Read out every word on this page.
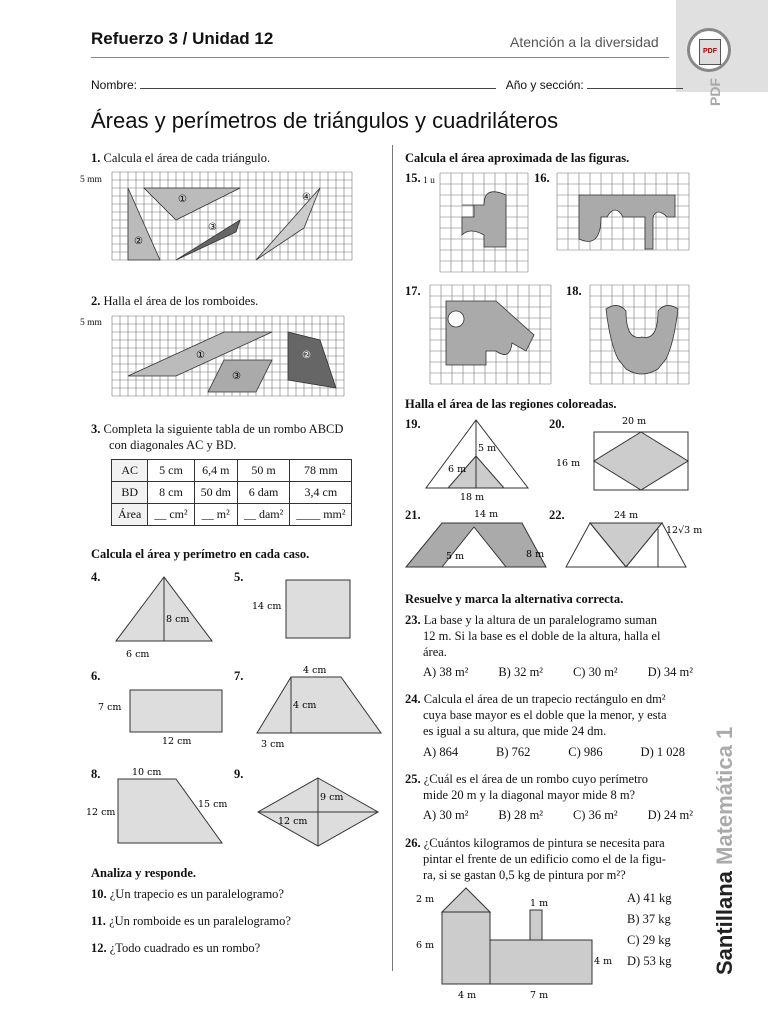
PDF
PDF
Santillana Matemática 1
Refuerzo 3 / Unidad 12	Atención a la diversidad
Nombre:	Año y sección:
Áreas y perímetros de triángulos y cuadriláteros
1. Calcula el área de cada triángulo.
5 mm
①
②
③
④
2. Halla el área de los romboides.
5 mm
①
③
②
3. Completa la siguiente tabla de un rombo ABCD
con diagonales AC y BD.
AC	5 cm	6,4 m	50 m	78 mm
BD	8 cm	50 dm	6 dam	3,4 cm
Área	__ cm²	__ m²	__ dam²	____ mm²
Calcula el área y perímetro en cada caso.
4.
8 cm
6 cm
5.
14 cm
6.
7 cm
12 cm
7.	4 cm
4 cm
3 cm
8.	10 cm
15 cm
12 cm
9.
9 cm
12 cm
Analiza y responde.
10. ¿Un trapecio es un paralelogramo?
11. ¿Un romboide es un paralelogramo?
12. ¿Todo cuadrado es un rombo?
Calcula el área aproximada de las figuras.
15. 1 u	16.
17.	18.
Halla el área de las regiones coloreadas.
19.
5 m
6 m
18 m
20.	20 m
16 m
21.	14 m
5 m	8 m
22.	24 m
12√3 m
Resuelve y marca la alternativa correcta.
23. La base y la altura de un paralelogramo suman
12 m. Si la base es el doble de la altura, halla el
área.
A) 38 m² B) 32 m² C) 30 m² D) 34 m²
24. Calcula el área de un trapecio rectángulo en dm²
cuya base mayor es el doble que la menor, y esta
es igual a su altura, que mide 24 dm.
A) 864	B) 762	C) 986	D) 1 028
25. ¿Cuál es el área de un rombo cuyo perímetro
mide 20 m y la diagonal mayor mide 8 m?
A) 30 m² B) 28 m² C) 36 m² D) 24 m²
26. ¿Cuántos kilogramos de pintura se necesita para
pintar el frente de un edificio como el de la figu-
ra, si se gastan 0,5 kg de pintura por m²?
2 m	1 m
6 m
4 m
4 m	7 m
A) 41 kg
B) 37 kg
C) 29 kg
D) 53 kg
